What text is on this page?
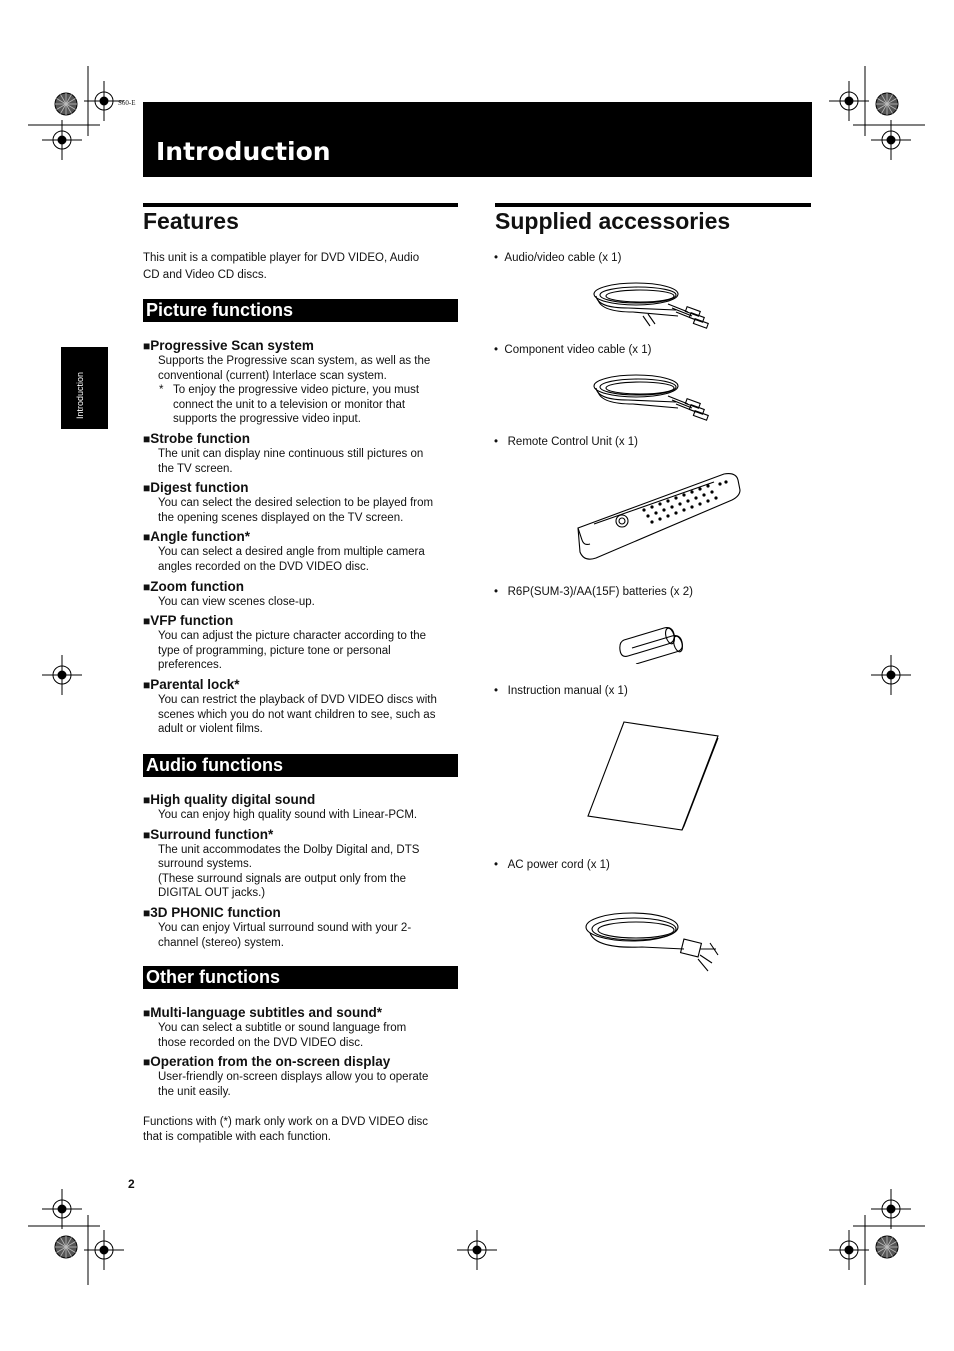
S60-E
Introduction
Introduction
Features
This unit is a compatible player for DVD VIDEO, Audio
CD and Video CD discs.
Picture functions
■Progressive Scan system
Supports the Progressive scan system, as well as the
conventional (current) Interlace scan system.
* To enjoy the progressive video picture, you must
connect the unit to a television or monitor that
supports the progressive video input.
■Strobe function
The unit can display nine continuous still pictures on
the TV screen.
■Digest function
You can select the desired selection to be played from
the opening scenes displayed on the TV screen.
■Angle function*
You can select a desired angle from multiple camera
angles recorded on the DVD VIDEO disc.
■Zoom function
You can view scenes close-up.
■VFP function
You can adjust the picture character according to the
type of programming, picture tone or personal
preferences.
■Parental lock*
You can restrict the playback of DVD VIDEO discs with
scenes which you do not want children to see, such as
adult or violent films.
Audio functions
■High quality digital sound
You can enjoy high quality sound with Linear-PCM.
■Surround function*
The unit accommodates the Dolby Digital and, DTS
surround systems.
(These surround signals are output only from the
DIGITAL OUT jacks.)
■3D PHONIC function
You can enjoy Virtual surround sound with your 2-
channel (stereo) system.
Other functions
■Multi-language subtitles and sound*
You can select a subtitle or sound language from
those recorded on the DVD VIDEO disc.
■Operation from the on-screen display
User-friendly on-screen displays allow you to operate
the unit easily.
Functions with (*) mark only work on a DVD VIDEO disc
that is compatible with each function.
Supplied accessories
•  Audio/video cable (x 1)
•  Component video cable (x 1)
•   Remote Control Unit (x 1)
•   R6P(SUM-3)/AA(15F) batteries (x 2)
•   Instruction manual (x 1)
•   AC power cord (x 1)
2
